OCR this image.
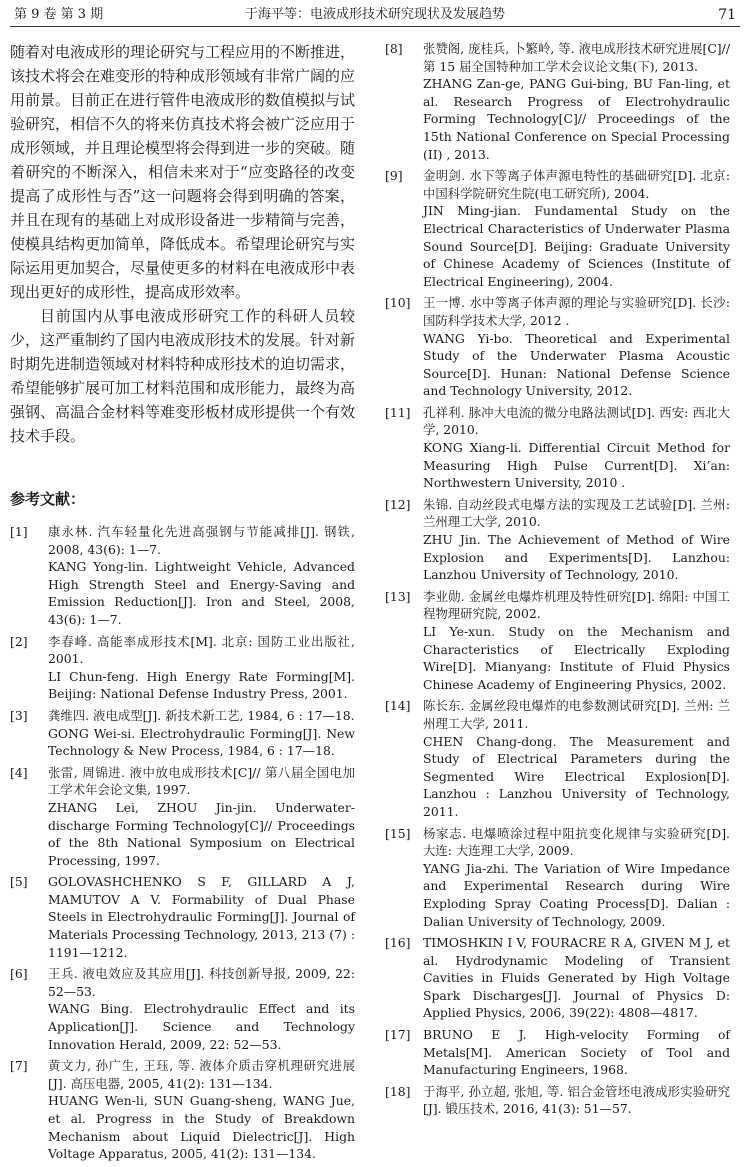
第 9 卷 第 3 期	于海平等：电液成形技术研究现状及发展趋势	71

随着对电液成形的理论研究与工程应用的不断推进，该技术将会在难变形的特种成形领域有非常广阔的应用前景。目前正在进行管件电液成形的数值模拟与试验研究，相信不久的将来仿真技术将会被广泛应用于成形领域，并且理论模型将会得到进一步的突破。随着研究的不断深入，相信未来对于“应变路径的改变提高了成形性与否”这一问题将会得到明确的答案，并且在现有的基础上对成形设备进一步精简与完善，使模具结构更加简单，降低成本。希望理论研究与实际运用更加契合，尽量使更多的材料在电液成形中表现出更好的成形性，提高成形效率。

目前国内从事电液成形研究工作的科研人员较少，这严重制约了国内电液成形技术的发展。针对新时期先进制造领域对材料特种成形技术的迫切需求，希望能够扩展可加工材料范围和成形能力，最终为高强钢、高温合金材料等难变形板材成形提供一个有效技术手段。

参考文献：
[1]	康永林. 汽车轻量化先进高强钢与节能减排[J]. 钢铁, 2008, 43(6): 1—7.
KANG Yong-lin. Lightweight Vehicle, Advanced High Strength Steel and Energy-Saving and Emission Reduction[J]. Iron and Steel, 2008, 43(6): 1—7.
[2]	李春峰. 高能率成形技术[M]. 北京: 国防工业出版社, 2001.
LI Chun-feng. High Energy Rate Forming[M]. Beijing: National Defense Industry Press, 2001.
[3]	龚维四. 液电成型[J]. 新技术新工艺, 1984, 6 : 17—18.
GONG Wei-si. Electrohydraulic Forming[J]. New Technology & New Process, 1984, 6 : 17—18.
[4]	张雷, 周锦进. 液中放电成形技术[C]// 第八届全国电加工学术年会论文集, 1997.
ZHANG Lei, ZHOU Jin-jin. Underwater-discharge Forming Technology[C]// Proceedings of the 8th National Symposium on Electrical Processing, 1997.
[5]	GOLOVASHCHENKO S F, GILLARD A J, MAMUTOV A V. Formability of Dual Phase Steels in Electrohydraulic Forming[J]. Journal of Materials Processing Technology, 2013, 213 (7) : 1191—1212.
[6]	王兵. 液电效应及其应用[J]. 科技创新导报, 2009, 22: 52—53.
WANG Bing. Electrohydraulic Effect and its Application[J]. Science and Technology Innovation Herald, 2009, 22: 52—53.
[7]	黄文力, 孙广生, 王珏, 等. 液体介质击穿机理研究进展[J]. 高压电器, 2005, 41(2): 131—134.
HUANG Wen-li, SUN Guang-sheng, WANG Jue, et al. Progress in the Study of Breakdown Mechanism about Liquid Dielectric[J]. High Voltage Apparatus, 2005, 41(2): 131—134.
[8]	张赞阁, 庞桂兵, 卜繁岭, 等. 液电成形技术研究进展[C]// 第 15 届全国特种加工学术会议论文集(下), 2013.
ZHANG Zan-ge, PANG Gui-bing, BU Fan-ling, et al. Research Progress of Electrohydraulic Forming Technology[C]// Proceedings of the 15th National Conference on Special Processing (II) , 2013.
[9]	金明剑. 水下等离子体声源电特性的基础研究[D]. 北京: 中国科学院研究生院(电工研究所), 2004.
JIN Ming-jian. Fundamental Study on the Electrical Characteristics of Underwater Plasma Sound Source[D]. Beijing: Graduate University of Chinese Academy of Sciences (Institute of Electrical Engineering), 2004.
[10]	王一博. 水中等离子体声源的理论与实验研究[D]. 长沙: 国防科学技术大学, 2012 .
WANG Yi-bo. Theoretical and Experimental Study of the Underwater Plasma Acoustic Source[D]. Hunan: National Defense Science and Technology University, 2012.
[11]	孔祥利. 脉冲大电流的微分电路法测试[D]. 西安: 西北大学, 2010.
KONG Xiang-li. Differential Circuit Method for Measuring High Pulse Current[D]. Xi’an: Northwestern University, 2010 .
[12]	朱锦. 自动丝段式电爆方法的实现及工艺试验[D]. 兰州: 兰州理工大学, 2010.
ZHU Jin. The Achievement of Method of Wire Explosion and Experiments[D]. Lanzhou: Lanzhou University of Technology, 2010.
[13]	李业勋. 金属丝电爆炸机理及特性研究[D]. 绵阳: 中国工程物理研究院, 2002.
LI Ye-xun. Study on the Mechanism and Characteristics of Electrically Exploding Wire[D]. Mianyang: Institute of Fluid Physics Chinese Academy of Engineering Physics, 2002.
[14]	陈长东. 金属丝段电爆炸的电参数测试研究[D]. 兰州: 兰州理工大学, 2011.
CHEN Chang-dong. The Measurement and Study of Electrical Parameters during the Segmented Wire Electrical Explosion[D]. Lanzhou : Lanzhou University of Technology, 2011.
[15]	杨家志. 电爆喷涂过程中阻抗变化规律与实验研究[D]. 大连: 大连理工大学, 2009.
YANG Jia-zhi. The Variation of Wire Impedance and Experimental Research during Wire Exploding Spray Coating Process[D]. Dalian : Dalian University of Technology, 2009.
[16]	TIMOSHKIN I V, FOURACRE R A, GIVEN M J, et al. Hydrodynamic Modeling of Transient Cavities in Fluids Generated by High Voltage Spark Discharges[J]. Journal of Physics D: Applied Physics, 2006, 39(22): 4808—4817.
[17]	BRUNO E J. High-velocity Forming of Metals[M]. American Society of Tool and Manufacturing Engineers, 1968.
[18]	于海平, 孙立超, 张旭, 等. 铝合金管坯电液成形实验研究[J]. 锻压技术, 2016, 41(3): 51—57.
